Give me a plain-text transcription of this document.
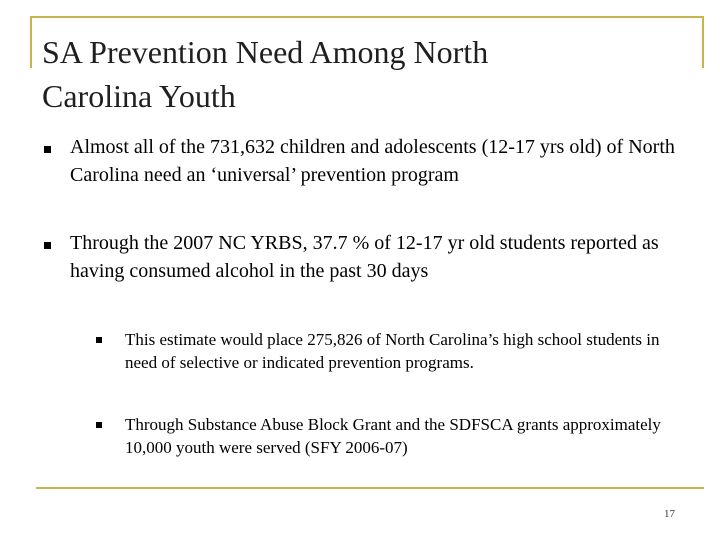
SA Prevention Need Among North
Carolina Youth
Almost all of the 731,632 children and adolescents (12-17 yrs old) of North Carolina need an ‘universal’ prevention program
Through the 2007 NC YRBS, 37.7 % of 12-17 yr old students reported as having consumed alcohol in the past 30 days
This estimate would place 275,826 of North Carolina’s high school students in need of selective or indicated prevention programs.
Through Substance Abuse Block Grant and the SDFSCA grants approximately 10,000 youth were served (SFY 2006-07)
17
